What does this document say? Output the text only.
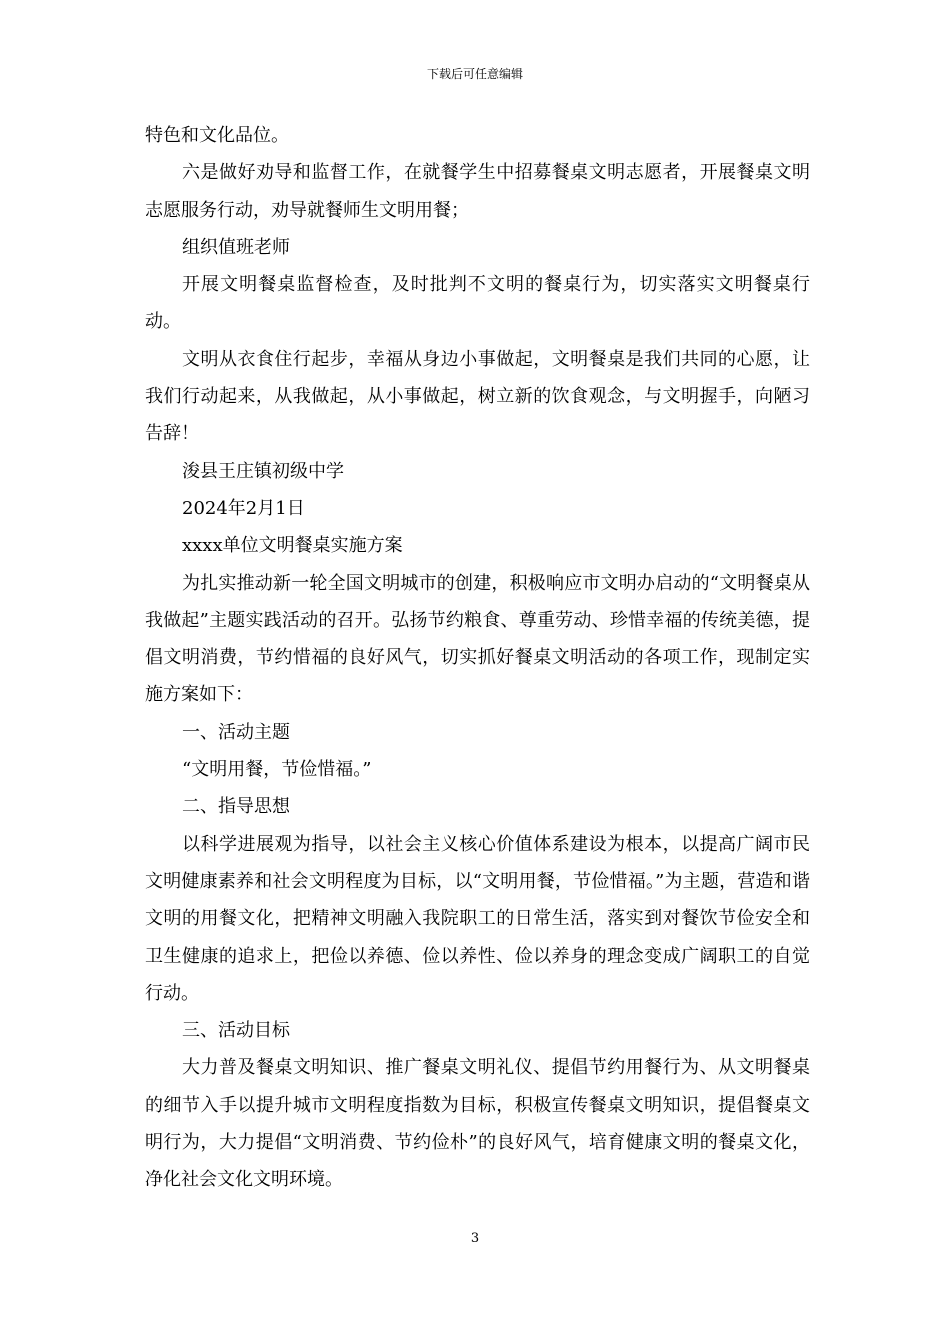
下载后可任意编辑

特色和文化品位。

六是做好劝导和监督工作，在就餐学生中招募餐桌文明志愿者，开展餐桌文明志愿服务行动，劝导就餐师生文明用餐；

组织值班老师

开展文明餐桌监督检查，及时批判不文明的餐桌行为，切实落实文明餐桌行动。

文明从衣食住行起步，幸福从身边小事做起，文明餐桌是我们共同的心愿，让我们行动起来，从我做起，从小事做起，树立新的饮食观念，与文明握手，向陋习告辞！

浚县王庄镇初级中学

2024年2月1日

xxxx单位文明餐桌实施方案

为扎实推动新一轮全国文明城市的创建，积极响应市文明办启动的“文明餐桌从我做起”主题实践活动的召开。弘扬节约粮食、尊重劳动、珍惜幸福的传统美德，提倡文明消费，节约惜福的良好风气，切实抓好餐桌文明活动的各项工作，现制定实施方案如下：

一、活动主题

“文明用餐，节俭惜福。”

二、指导思想

以科学进展观为指导，以社会主义核心价值体系建设为根本，以提高广阔市民文明健康素养和社会文明程度为目标，以“文明用餐，节俭惜福。”为主题，营造和谐文明的用餐文化，把精神文明融入我院职工的日常生活，落实到对餐饮节俭安全和卫生健康的追求上，把俭以养德、俭以养性、俭以养身的理念变成广阔职工的自觉行动。

三、活动目标

大力普及餐桌文明知识、推广餐桌文明礼仪、提倡节约用餐行为、从文明餐桌的细节入手以提升城市文明程度指数为目标，积极宣传餐桌文明知识，提倡餐桌文明行为，大力提倡“文明消费、节约俭朴”的良好风气，培育健康文明的餐桌文化，净化社会文化文明环境。

3
